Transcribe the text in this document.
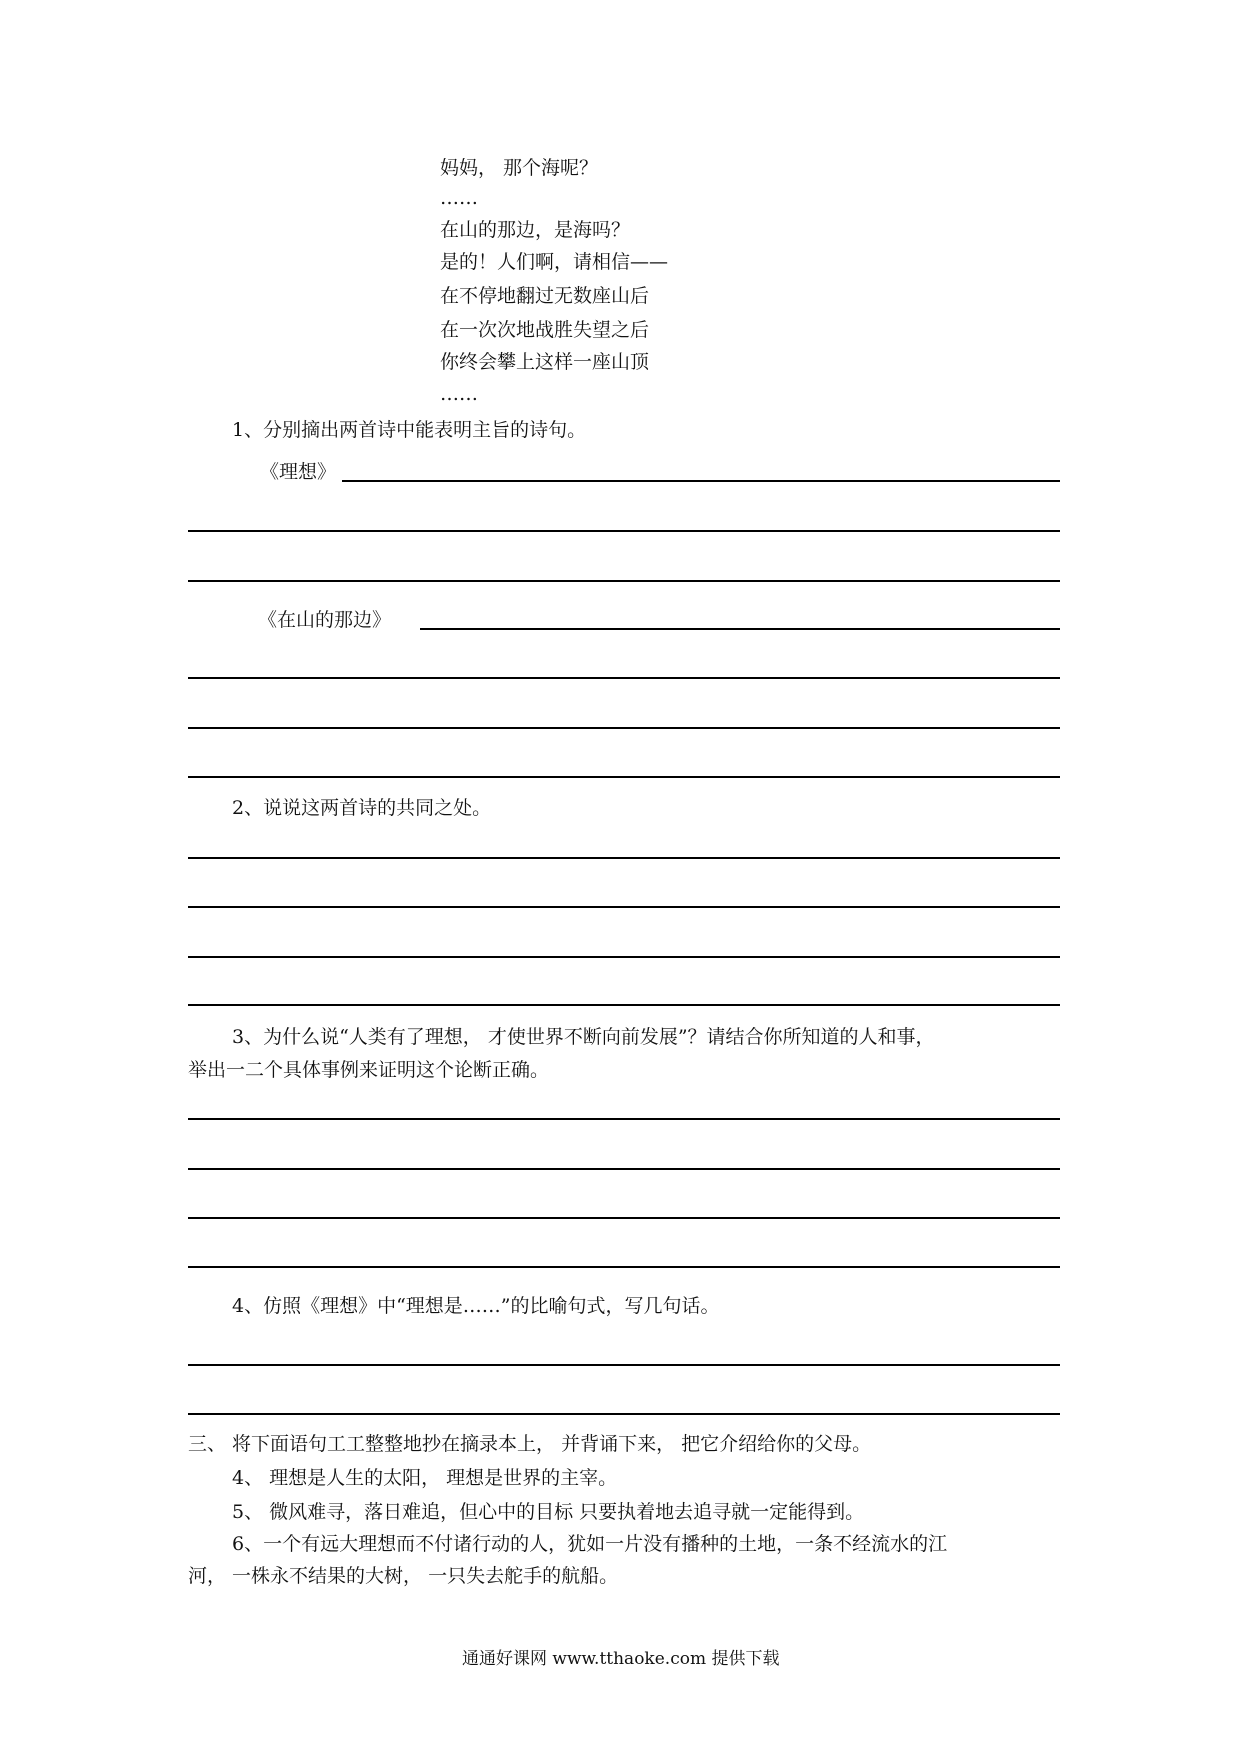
妈妈， 那个海呢？
……
在山的那边，是海吗？
是的！人们啊，请相信——
在不停地翻过无数座山后
在一次次地战胜失望之后
你终会攀上这样一座山顶
……
1、分别摘出两首诗中能表明主旨的诗句。
《理想》
《在山的那边》
2、说说这两首诗的共同之处。
3、为什么说“人类有了理想， 才使世界不断向前发展”？请结合你所知道的人和事，
举出一二个具体事例来证明这个论断正确。
4、仿照《理想》中“理想是……”的比喻句式，写几句话。
三、 将下面语句工工整整地抄在摘录本上， 并背诵下来， 把它介绍给你的父母。
4、 理想是人生的太阳， 理想是世界的主宰。
5、 微风难寻，落日难追，但心中的目标 只要执着地去追寻就一定能得到。
6、一个有远大理想而不付诸行动的人，犹如一片没有播种的土地，一条不经流水的江
河， 一株永不结果的大树， 一只失去舵手的航船。
通通好课网 www.tthaoke.com 提供下载
